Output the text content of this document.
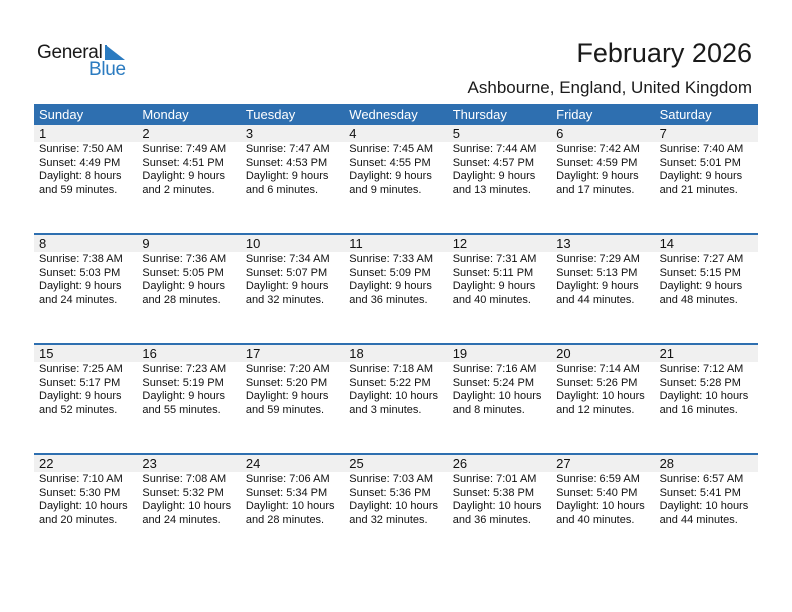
General
Blue
February 2026
Ashbourne, England, United Kingdom
Sunday	Monday	Tuesday	Wednesday	Thursday	Friday	Saturday
1	2	3	4	5	6	7
Sunrise: 7:50 AM
Sunset: 4:49 PM
Daylight: 8 hours
and 59 minutes.
Sunrise: 7:49 AM
Sunset: 4:51 PM
Daylight: 9 hours
and 2 minutes.
Sunrise: 7:47 AM
Sunset: 4:53 PM
Daylight: 9 hours
and 6 minutes.
Sunrise: 7:45 AM
Sunset: 4:55 PM
Daylight: 9 hours
and 9 minutes.
Sunrise: 7:44 AM
Sunset: 4:57 PM
Daylight: 9 hours
and 13 minutes.
Sunrise: 7:42 AM
Sunset: 4:59 PM
Daylight: 9 hours
and 17 minutes.
Sunrise: 7:40 AM
Sunset: 5:01 PM
Daylight: 9 hours
and 21 minutes.
8	9	10	11	12	13	14
Sunrise: 7:38 AM
Sunset: 5:03 PM
Daylight: 9 hours
and 24 minutes.
Sunrise: 7:36 AM
Sunset: 5:05 PM
Daylight: 9 hours
and 28 minutes.
Sunrise: 7:34 AM
Sunset: 5:07 PM
Daylight: 9 hours
and 32 minutes.
Sunrise: 7:33 AM
Sunset: 5:09 PM
Daylight: 9 hours
and 36 minutes.
Sunrise: 7:31 AM
Sunset: 5:11 PM
Daylight: 9 hours
and 40 minutes.
Sunrise: 7:29 AM
Sunset: 5:13 PM
Daylight: 9 hours
and 44 minutes.
Sunrise: 7:27 AM
Sunset: 5:15 PM
Daylight: 9 hours
and 48 minutes.
15	16	17	18	19	20	21
Sunrise: 7:25 AM
Sunset: 5:17 PM
Daylight: 9 hours
and 52 minutes.
Sunrise: 7:23 AM
Sunset: 5:19 PM
Daylight: 9 hours
and 55 minutes.
Sunrise: 7:20 AM
Sunset: 5:20 PM
Daylight: 9 hours
and 59 minutes.
Sunrise: 7:18 AM
Sunset: 5:22 PM
Daylight: 10 hours
and 3 minutes.
Sunrise: 7:16 AM
Sunset: 5:24 PM
Daylight: 10 hours
and 8 minutes.
Sunrise: 7:14 AM
Sunset: 5:26 PM
Daylight: 10 hours
and 12 minutes.
Sunrise: 7:12 AM
Sunset: 5:28 PM
Daylight: 10 hours
and 16 minutes.
22	23	24	25	26	27	28
Sunrise: 7:10 AM
Sunset: 5:30 PM
Daylight: 10 hours
and 20 minutes.
Sunrise: 7:08 AM
Sunset: 5:32 PM
Daylight: 10 hours
and 24 minutes.
Sunrise: 7:06 AM
Sunset: 5:34 PM
Daylight: 10 hours
and 28 minutes.
Sunrise: 7:03 AM
Sunset: 5:36 PM
Daylight: 10 hours
and 32 minutes.
Sunrise: 7:01 AM
Sunset: 5:38 PM
Daylight: 10 hours
and 36 minutes.
Sunrise: 6:59 AM
Sunset: 5:40 PM
Daylight: 10 hours
and 40 minutes.
Sunrise: 6:57 AM
Sunset: 5:41 PM
Daylight: 10 hours
and 44 minutes.
